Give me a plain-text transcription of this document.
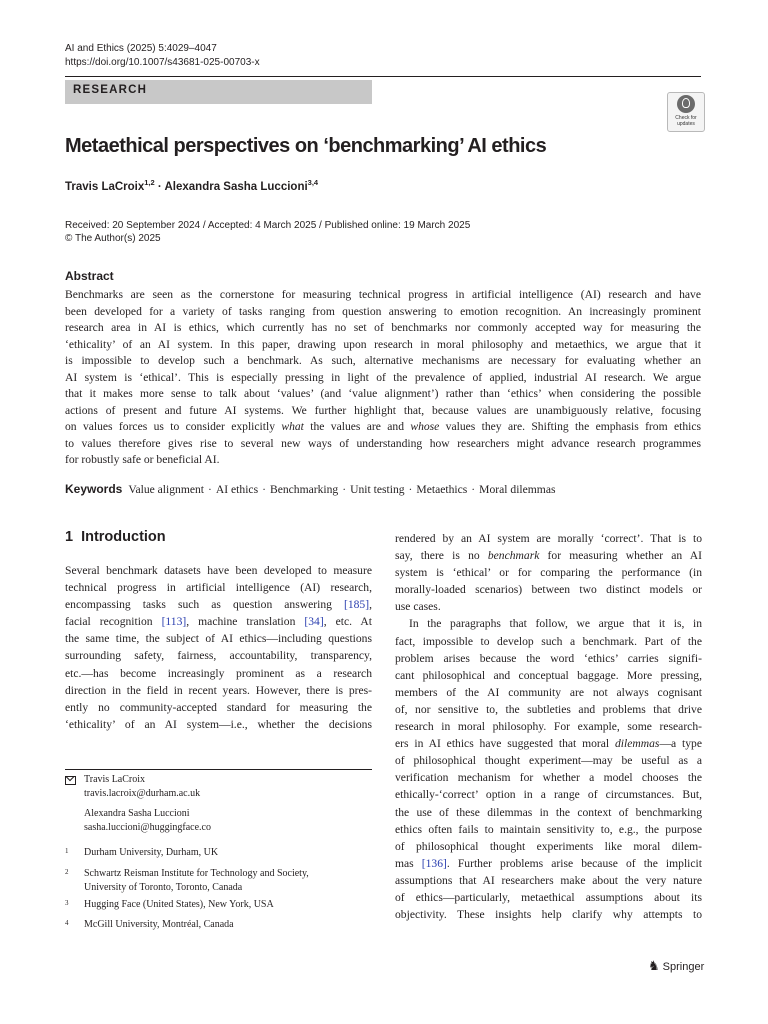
AI and Ethics (2025) 5:4029–4047
https://doi.org/10.1007/s43681-025-00703-x
RESEARCH
Check for
updates
Metaethical perspectives on ‘benchmarking’ AI ethics
Travis LaCroix$^{1,2}$ · Alexandra Sasha Luccioni$^{3,4}$
Received: 20 September 2024 / Accepted: 4 March 2025 / Published online: 19 March 2025
© The Author(s) 2025
Abstract
Benchmarks are seen as the cornerstone for measuring technical progress in artificial intelligence (AI) research and have
been developed for a variety of tasks ranging from question answering to emotion recognition. An increasingly prominent
research area in AI is ethics, which currently has no set of benchmarks nor commonly accepted way for measuring the
‘ethicality’ of an AI system. In this paper, drawing upon research in moral philosophy and metaethics, we argue that it
is impossible to develop such a benchmark. As such, alternative mechanisms are necessary for evaluating whether an
AI system is ‘ethical’. This is especially pressing in light of the prevalence of applied, industrial AI research. We argue
that it makes more sense to talk about ‘values’ (and ‘value alignment’) rather than ‘ethics’ when considering the possible
actions of present and future AI systems. We further highlight that, because values are unambiguously relative, focusing
on values forces us to consider explicitly what the values are and whose values they are. Shifting the emphasis from ethics
to values therefore gives rise to several new ways of understanding how researchers might advance research programmes
for robustly safe or beneficial AI.
Keywords Value alignment · AI ethics · Benchmarking · Unit testing · Metaethics · Moral dilemmas
1 Introduction
Several benchmark datasets have been developed to measure
technical progress in artificial intelligence (AI) research,
encompassing tasks such as question answering [185],
facial recognition [113], machine translation [34], etc. At
the same time, the subject of AI ethics—including questions
surrounding safety, fairness, accountability, transparency,
etc.—has become increasingly prominent as a research
direction in the field in recent years. However, there is pres-
ently no community-accepted standard for measuring the
‘ethicality’ of an AI system—i.e., whether the decisions
Travis LaCroix
travis.lacroix@durham.ac.uk
Alexandra Sasha Luccioni
sasha.luccioni@huggingface.co
1 Durham University, Durham, UK
2 Schwartz Reisman Institute for Technology and Society,
University of Toronto, Toronto, Canada
3 Hugging Face (United States), New York, USA
4 McGill University, Montréal, Canada
rendered by an AI system are morally ‘correct’. That is to
say, there is no benchmark for measuring whether an AI
system is ‘ethical’ or for comparing the performance (in
morally-loaded scenarios) between two distinct models or
use cases.
In the paragraphs that follow, we argue that it is, in
fact, impossible to develop such a benchmark. Part of the
problem arises because the word ‘ethics’ carries signifi-
cant philosophical and conceptual baggage. More pressing,
members of the AI community are not always cognisant
of, nor sensitive to, the subtleties and problems that drive
research in moral philosophy. For example, some research-
ers in AI ethics have suggested that moral dilemmas—a type
of philosophical thought experiment—may be useful as a
verification mechanism for whether a model chooses the
ethically-‘correct’ option in a range of circumstances. But,
the use of these dilemmas in the context of benchmarking
ethics often fails to maintain sensitivity to, e.g., the purpose
of philosophical thought experiments like moral dilem-
mas [136]. Further problems arise because of the implicit
assumptions that AI researchers make about the very nature
of ethics—particularly, metaethical assumptions about its
objectivity. These insights help clarify why attempts to
♞ Springer
